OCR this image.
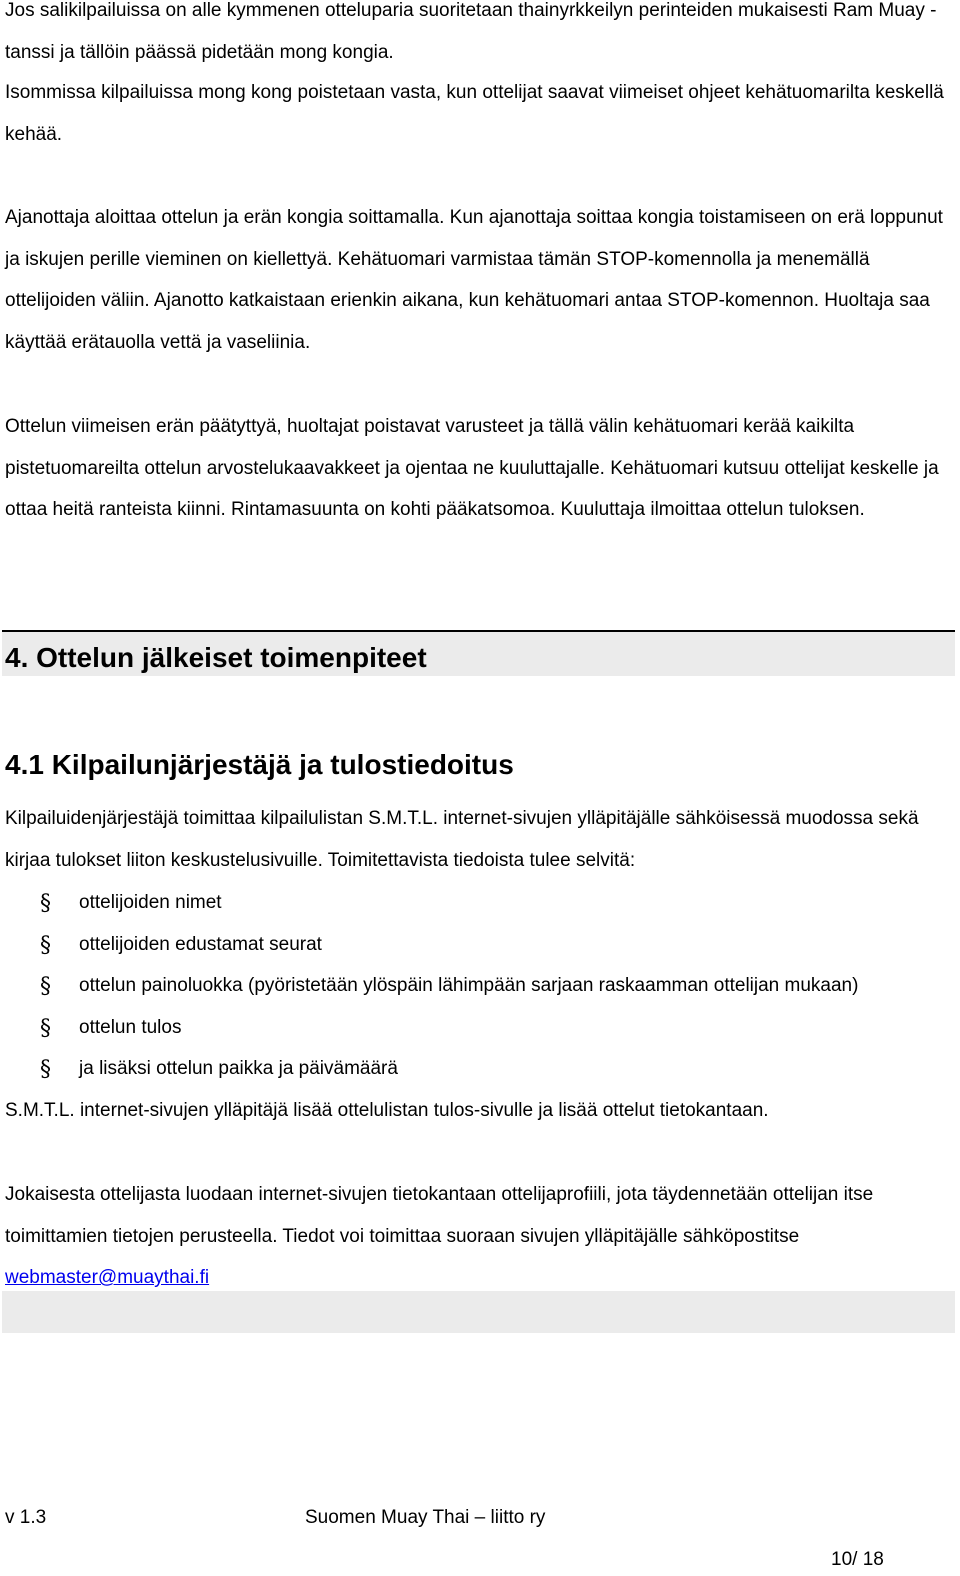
Jos salikilpailuissa on alle kymmenen otteluparia suoritetaan thainyrkkeilyn perinteiden mukaisesti Ram Muay - tanssi ja tällöin päässä pidetään mong kongia.

Isommissa kilpailuissa mong kong poistetaan vasta, kun ottelijat saavat viimeiset ohjeet kehätuomarilta keskellä kehää.

Ajanottaja aloittaa ottelun ja erän kongia soittamalla. Kun ajanottaja soittaa kongia toistamiseen on erä loppunut ja iskujen perille vieminen on kiellettyä. Kehätuomari varmistaa tämän STOP-komennolla ja menemällä ottelijoiden väliin. Ajanotto katkaistaan erienkin aikana, kun kehätuomari antaa STOP-komennon. Huoltaja saa käyttää erätauolla vettä ja vaseliinia.

Ottelun viimeisen erän päätyttyä, huoltajat poistavat varusteet ja tällä välin kehätuomari kerää kaikilta pistetuomareilta ottelun arvostelukaavakkeet ja ojentaa ne kuuluttajalle. Kehätuomari kutsuu ottelijat keskelle ja ottaa heitä ranteista kiinni. Rintamasuunta on kohti pääkatsomoa. Kuuluttaja ilmoittaa ottelun tuloksen.

4. Ottelun jälkeiset toimenpiteet
4.1 Kilpailunjärjestäjä ja tulostiedoitus

Kilpailuidenjärjestäjä toimittaa kilpailulistan S.M.T.L. internet-sivujen ylläpitäjälle sähköisessä muodossa sekä kirjaa tulokset liiton keskustelusivuille. Toimitettavista tiedoista tulee selvitä:

§ ottelijoiden nimet
§ ottelijoiden edustamat seurat
§ ottelun painoluokka (pyöristetään ylöspäin lähimpään sarjaan raskaamman ottelijan mukaan)
§ ottelun tulos
§ ja lisäksi ottelun paikka ja päivämäärä

S.M.T.L. internet-sivujen ylläpitäjä lisää ottelulistan tulos-sivulle ja lisää ottelut tietokantaan.

Jokaisesta ottelijasta luodaan internet-sivujen tietokantaan ottelijaprofiili, jota täydennetään ottelijan itse toimittamien tietojen perusteella. Tiedot voi toimittaa suoraan sivujen ylläpitäjälle sähköpostitse
webmaster@muaythai.fi

v 1.3	Suomen Muay Thai – liitto ry
10/ 18
